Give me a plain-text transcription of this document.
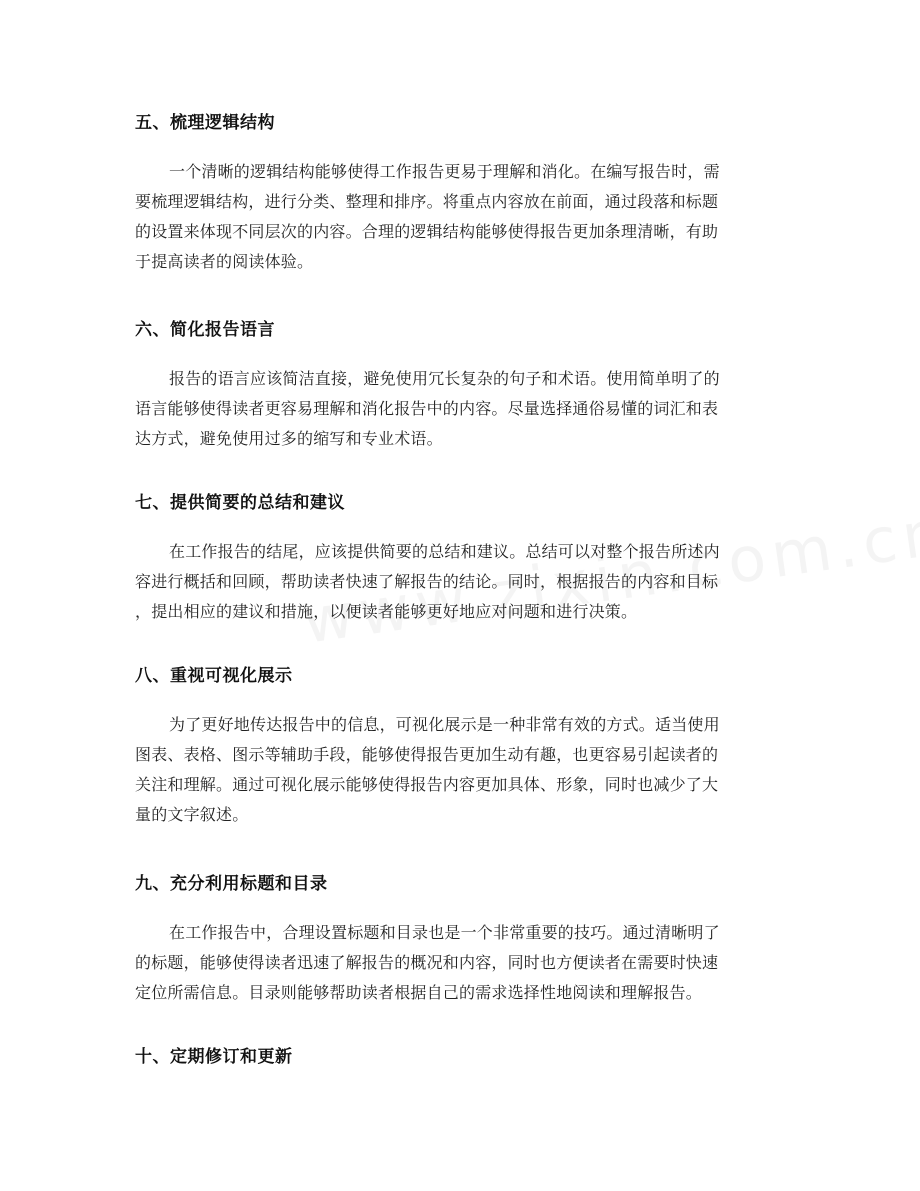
五、梳理逻辑结构

一个清晰的逻辑结构能够使得工作报告更易于理解和消化。在编写报告时，需
要梳理逻辑结构，进行分类、整理和排序。将重点内容放在前面，通过段落和标题
的设置来体现不同层次的内容。合理的逻辑结构能够使得报告更加条理清晰，有助
于提高读者的阅读体验。

六、简化报告语言

报告的语言应该简洁直接，避免使用冗长复杂的句子和术语。使用简单明了的
语言能够使得读者更容易理解和消化报告中的内容。尽量选择通俗易懂的词汇和表
达方式，避免使用过多的缩写和专业术语。

七、提供简要的总结和建议

在工作报告的结尾，应该提供简要的总结和建议。总结可以对整个报告所述内
容进行概括和回顾，帮助读者快速了解报告的结论。同时，根据报告的内容和目标
，提出相应的建议和措施，以便读者能够更好地应对问题和进行决策。

八、重视可视化展示

为了更好地传达报告中的信息，可视化展示是一种非常有效的方式。适当使用
图表、表格、图示等辅助手段，能够使得报告更加生动有趣，也更容易引起读者的
关注和理解。通过可视化展示能够使得报告内容更加具体、形象，同时也减少了大
量的文字叙述。

九、充分利用标题和目录

在工作报告中，合理设置标题和目录也是一个非常重要的技巧。通过清晰明了
的标题，能够使得读者迅速了解报告的概况和内容，同时也方便读者在需要时快速
定位所需信息。目录则能够帮助读者根据自己的需求选择性地阅读和理解报告。

十、定期修订和更新
